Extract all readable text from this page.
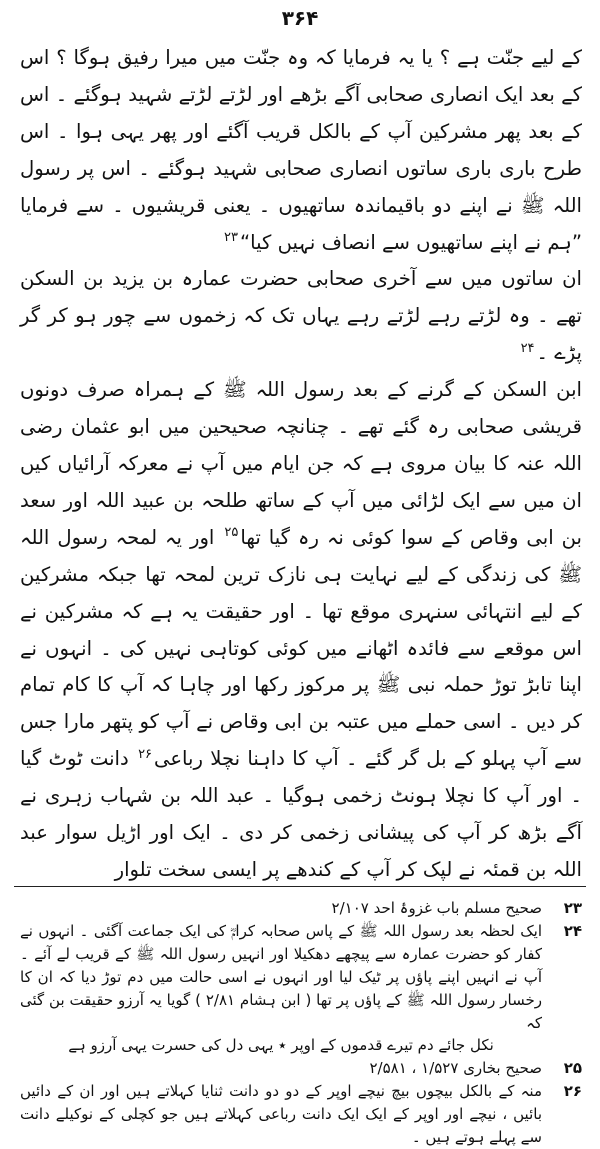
۳۶۴

کے لیے جنّت ہے ؟ یا یہ فرمایا کہ وہ جنّت میں میرا رفیق ہوگا ؟ اس کے بعد ایک انصاری صحابی آگے بڑھے اور لڑتے لڑتے شہید ہوگئے ۔ اس کے بعد پھر مشرکین آپ کے بالکل قریب آگئے اور پھر یہی ہوا ۔ اس طرح باری باری ساتوں انصاری صحابی شہید ہوگئے ۔ اس پر رسول اللہ ﷺ نے اپنے دو باقیماندہ ساتھیوں ۔ یعنی قریشیوں ۔ سے فرمایا ”ہم نے اپنے ساتھیوں سے انصاف نہیں کیا“$^{۲۳}$

ان ساتوں میں سے آخری صحابی حضرت عمارہ بن یزید بن السکن تھے ۔ وہ لڑتے رہے لڑتے رہے یہاں تک کہ زخموں سے چور ہو کر گر پڑے ۔$^{۲۴}$

ابن السکن کے گرنے کے بعد رسول اللہ ﷺ کے ہمراہ صرف دونوں قریشی صحابی رہ گئے تھے ۔ چنانچہ صحیحین میں ابو عثمان رضی اللہ عنہ کا بیان مروی ہے کہ جن ایام میں آپ نے معرکہ آرائیاں کیں ان میں سے ایک لڑائی میں آپ کے ساتھ طلحہ بن عبید اللہ اور سعد بن ابی وقاص کے سوا کوئی نہ رہ گیا تھا$^{۲۵}$ اور یہ لمحہ رسول اللہ ﷺ کی زندگی کے لیے نہایت ہی نازک ترین لمحہ تھا جبکہ مشرکین کے لیے انتہائی سنہری موقع تھا ۔ اور حقیقت یہ ہے کہ مشرکین نے اس موقعے سے فائدہ اٹھانے میں کوئی کوتاہی نہیں کی ۔ انہوں نے اپنا تابڑ توڑ حملہ نبی ﷺ پر مرکوز رکھا اور چاہا کہ آپ کا کام تمام کر دیں ۔ اسی حملے میں عتبہ بن ابی وقاص نے آپ کو پتھر مارا جس سے آپ پہلو کے بل گر گئے ۔ آپ کا داہنا نچلا رباعی$^{۲۶}$ دانت ٹوٹ گیا ۔ اور آپ کا نچلا ہونٹ زخمی ہوگیا ۔ عبد اللہ بن شہاب زہری نے آگے بڑھ کر آپ کی پیشانی زخمی کر دی ۔ ایک اور اڑیل سوار عبد اللہ بن قمئہ نے لپک کر آپ کے کندھے پر ایسی سخت تلوار

۲۳
صحیح مسلم باب غزوۂ احد ۲/۱۰۷
۲۴
ایک لحظہ بعد رسول اللہ ﷺ کے پاس صحابہ کرامؓ کی ایک جماعت آگئی ۔ انہوں نے کفار کو حضرت عمارہ سے پیچھے دھکیلا اور انہیں رسول اللہ ﷺ کے قریب لے آئے ۔ آپ نے انہیں اپنے پاؤں پر ٹیک لیا اور انہوں نے اسی حالت میں دم توڑ دیا کہ ان کا رخسار رسول اللہ ﷺ کے پاؤں پر تھا ( ابن ہشام ۲/۸۱ ) گویا یہ آرزو حقیقت بن گئی کہ
نکل جائے دم تیرے قدموں کے اوپر ٭ یہی دل کی حسرت یہی آرزو ہے
۲۵
صحیح بخاری ۱/۵۲۷ ، ۲/۵۸۱
۲۶
منہ کے بالکل بیچوں بیچ نیچے اوپر کے دو دو دانت ثنایا کہلاتے ہیں اور ان کے دائیں بائیں ، نیچے اور اوپر کے ایک ایک دانت رباعی کہلاتے ہیں جو کچلی کے نوکیلے دانت سے پہلے ہوتے ہیں ۔
